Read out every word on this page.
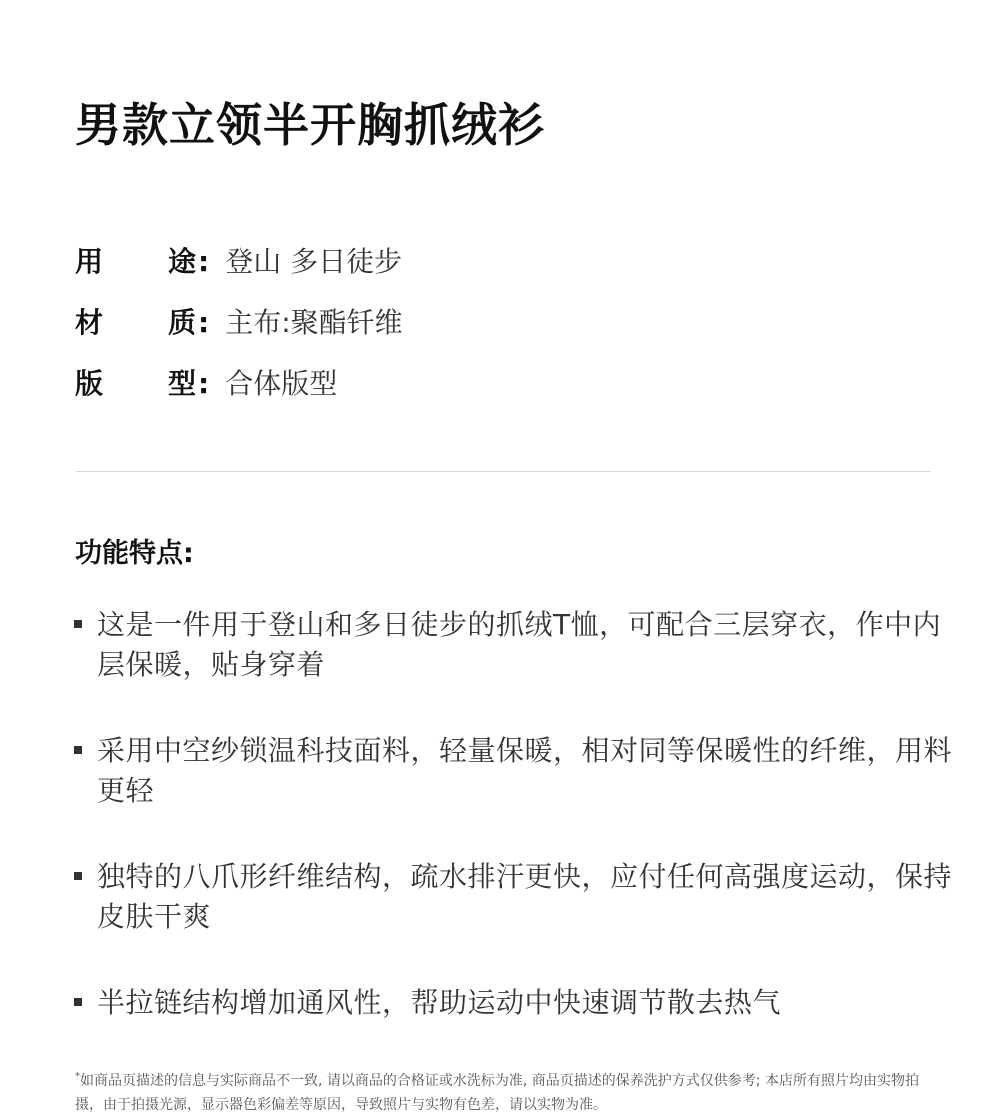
男款立领半开胸抓绒衫
用 途 : 登山 多日徒步
材 质 : 主布:聚酯钎维
版 型 : 合体版型
功能特点:
这是一件用于登山和多日徒步的抓绒T恤，可配合三层穿衣，作中内层保暖，贴身穿着
采用中空纱锁温科技面料，轻量保暖，相对同等保暖性的纤维，用料更轻
独特的八爪形纤维结构，疏水排汗更快，应付任何高强度运动，保持皮肤干爽
半拉链结构增加通风性，帮助运动中快速调节散去热气
*如商品页描述的信息与实际商品不一致, 请以商品的合格证或水洗标为准, 商品页描述的保养洗护方式仅供参考; 本店所有照片均由实物拍摄，由于拍摄光源，显示器色彩偏差等原因，导致照片与实物有色差，请以实物为准。
